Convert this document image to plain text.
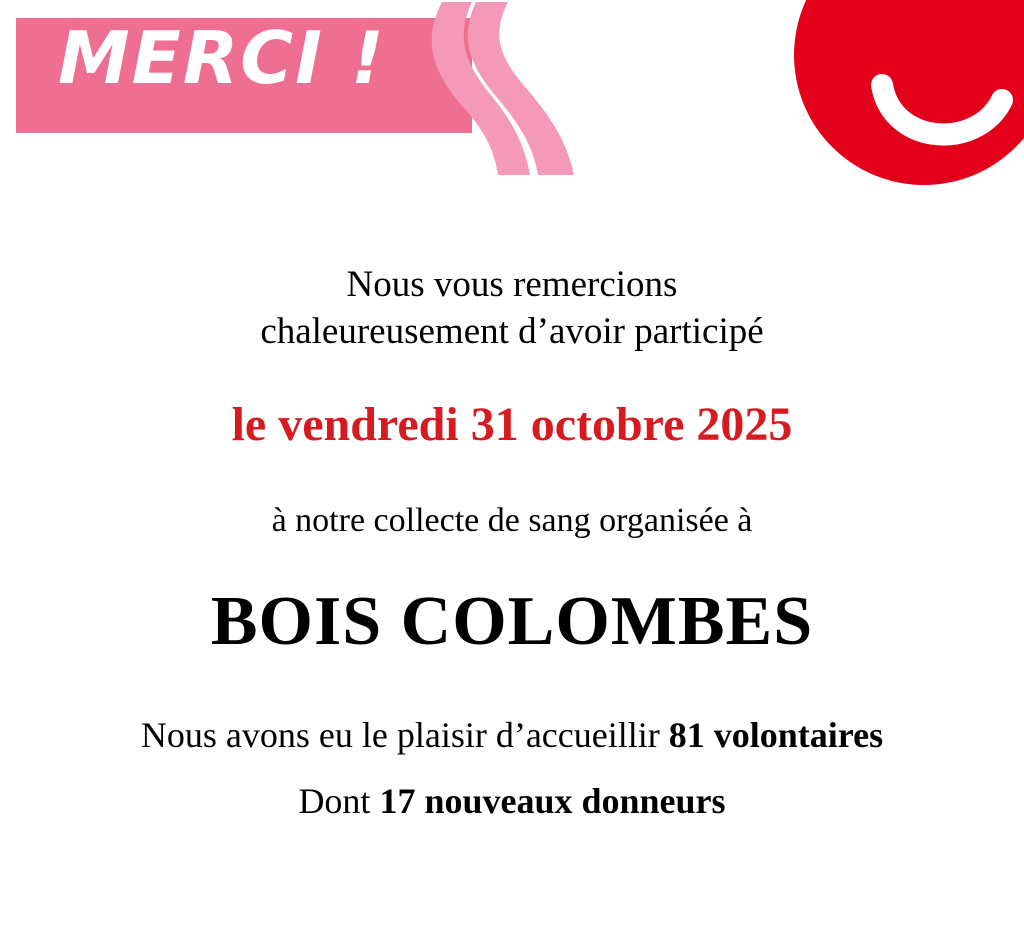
MERCI !
Nous vous remercions
chaleureusement d’avoir participé
le vendredi 31 octobre 2025
à notre collecte de sang organisée à
BOIS COLOMBES
Nous avons eu le plaisir d’accueillir 81 volontaires
Dont 17 nouveaux donneurs
